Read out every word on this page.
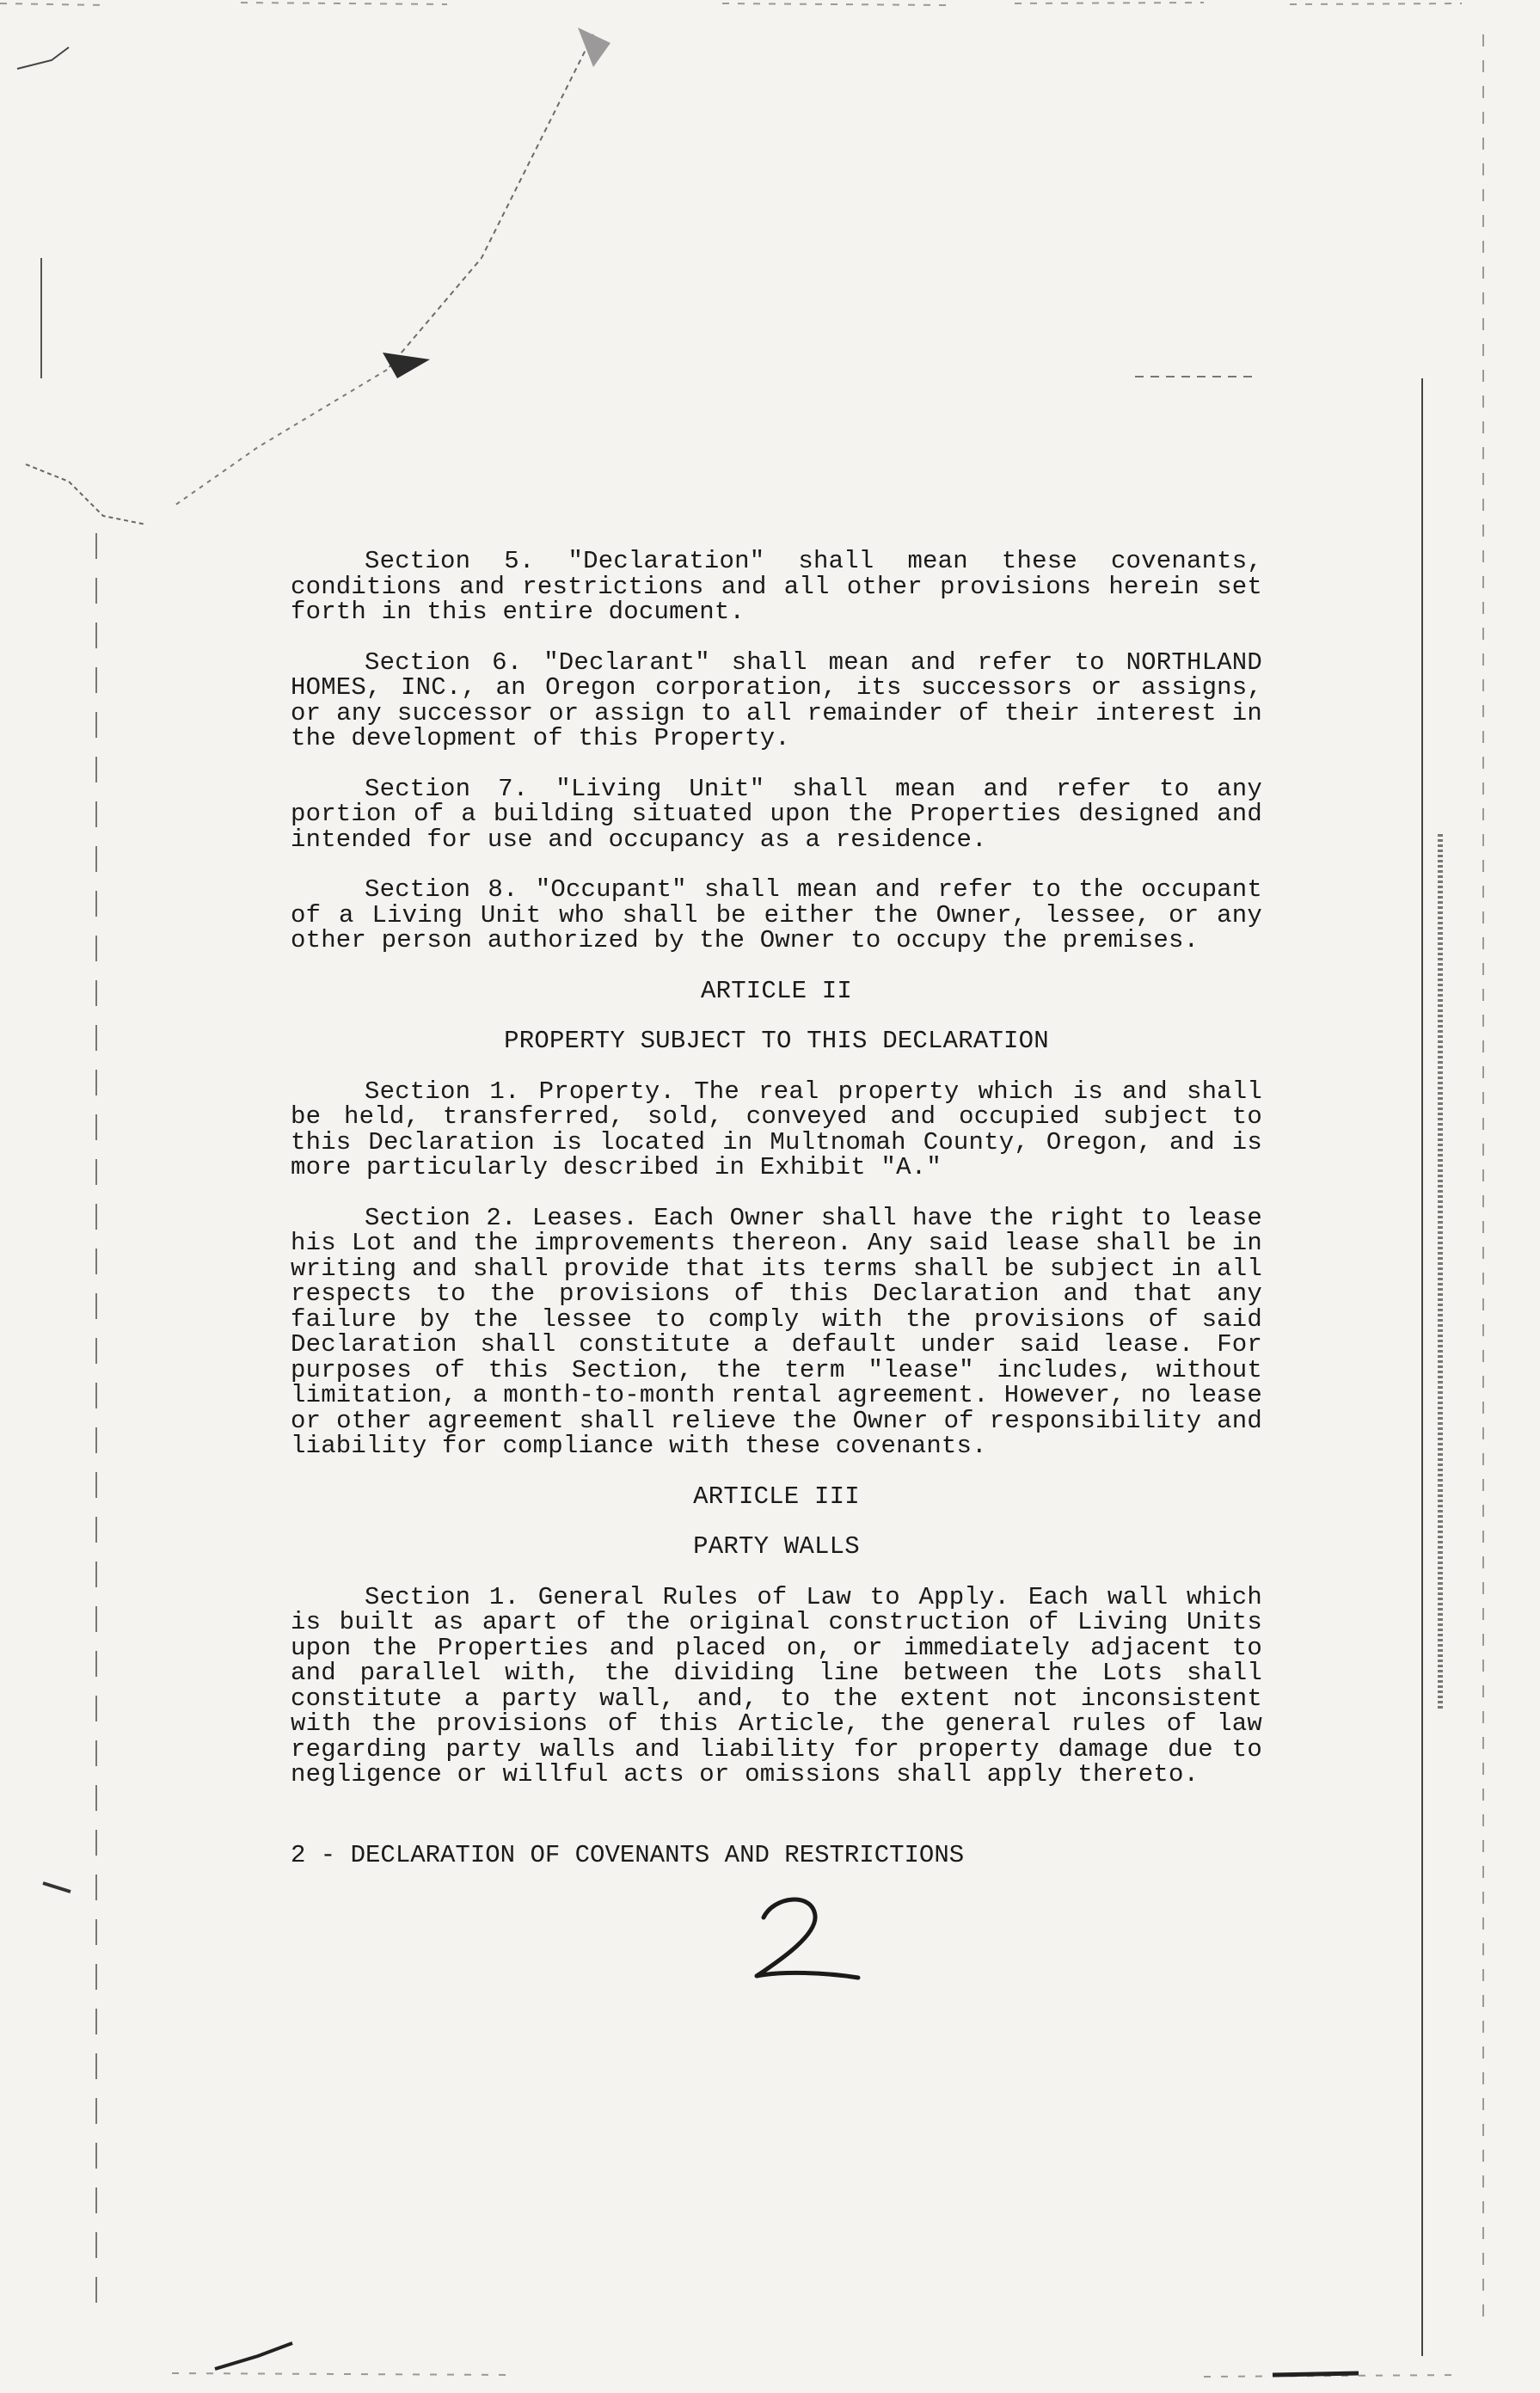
Section 5. "Declaration" shall mean these covenants, conditions and restrictions and all other provisions herein set forth in this entire document.

Section 6. "Declarant" shall mean and refer to NORTHLAND HOMES, INC., an Oregon corporation, its successors or assigns, or any successor or assign to all remainder of their interest in the development of this Property.

Section 7. "Living Unit" shall mean and refer to any portion of a building situated upon the Properties designed and intended for use and occupancy as a residence.

Section 8. "Occupant" shall mean and refer to the occupant of a Living Unit who shall be either the Owner, lessee, or any other person authorized by the Owner to occupy the premises.

ARTICLE II
PROPERTY SUBJECT TO THIS DECLARATION

Section 1. Property. The real property which is and shall be held, transferred, sold, conveyed and occupied subject to this Declaration is located in Multnomah County, Oregon, and is more particularly described in Exhibit "A."

Section 2. Leases. Each Owner shall have the right to lease his Lot and the improvements thereon. Any said lease shall be in writing and shall provide that its terms shall be subject in all respects to the provisions of this Declaration and that any failure by the lessee to comply with the provisions of said Declaration shall constitute a default under said lease. For purposes of this Section, the term "lease" includes, without limitation, a month-to-month rental agreement. However, no lease or other agreement shall relieve the Owner of responsibility and liability for compliance with these covenants.

ARTICLE III
PARTY WALLS

Section 1. General Rules of Law to Apply. Each wall which is built as apart of the original construction of Living Units upon the Properties and placed on, or immediately adjacent to and parallel with, the dividing line between the Lots shall constitute a party wall, and, to the extent not inconsistent with the provisions of this Article, the general rules of law regarding party walls and liability for property damage due to negligence or willful acts or omissions shall apply thereto.

2 - DECLARATION OF COVENANTS AND RESTRICTIONS
